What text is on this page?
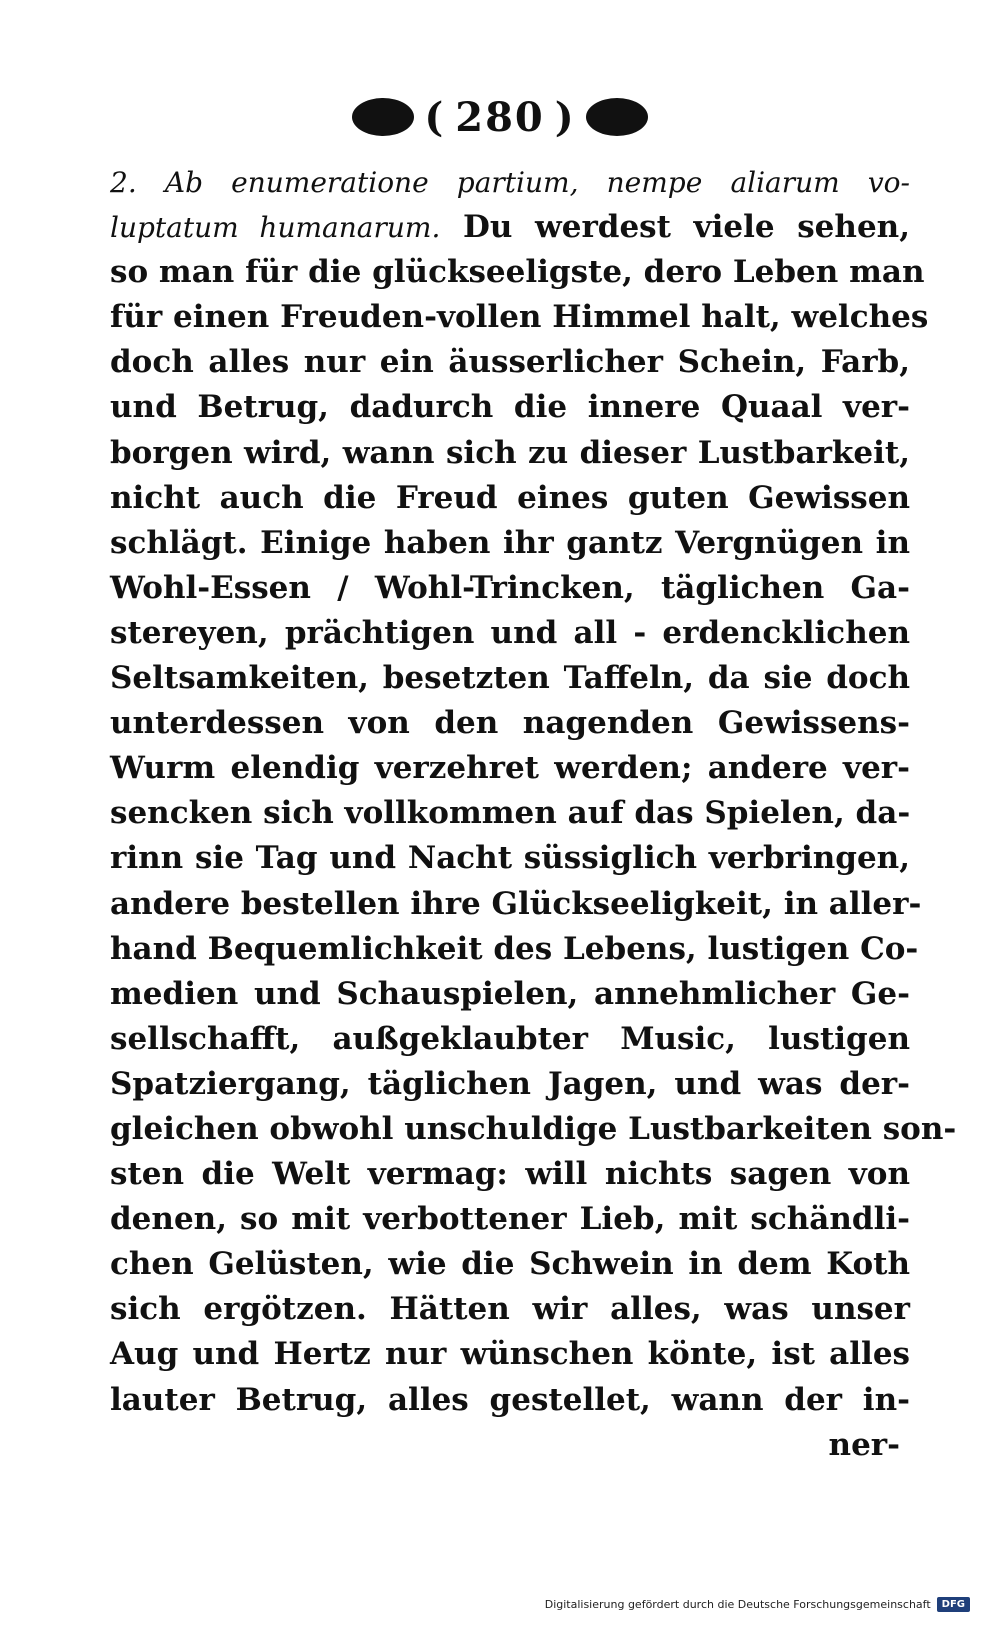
( 280 )
2. Ab enumeratione partium, nempe aliarum vo-
luptatum humanarum. Du werdest viele sehen,
so man für die glückseeligste, dero Leben man
für einen Freuden-vollen Himmel halt, welches
doch alles nur ein äusserlicher Schein, Farb,
und Betrug, dadurch die innere Quaal ver-
borgen wird, wann sich zu dieser Lustbarkeit,
nicht auch die Freud eines guten Gewissen
schlägt. Einige haben ihr gantz Vergnügen in
Wohl-Essen / Wohl-Trincken, täglichen Ga-
stereyen, prächtigen und all - erdencklichen
Seltsamkeiten, besetzten Taffeln, da sie doch
unterdessen von den nagenden Gewissens-
Wurm elendig verzehret werden; andere ver-
sencken sich vollkommen auf das Spielen, da-
rinn sie Tag und Nacht süssiglich verbringen,
andere bestellen ihre Glückseeligkeit, in aller-
hand Bequemlichkeit des Lebens, lustigen Co-
medien und Schauspielen, annehmlicher Ge-
sellschafft, außgeklaubter Music, lustigen
Spatziergang, täglichen Jagen, und was der-
gleichen obwohl unschuldige Lustbarkeiten son-
sten die Welt vermag: will nichts sagen von
denen, so mit verbottener Lieb, mit schändli-
chen Gelüsten, wie die Schwein in dem Koth
sich ergötzen. Hätten wir alles, was unser
Aug und Hertz nur wünschen könte, ist alles
lauter Betrug, alles gestellet, wann der in-
ner-
Digitalisierung gefördert durch die Deutsche Forschungsgemeinschaft	DFG
